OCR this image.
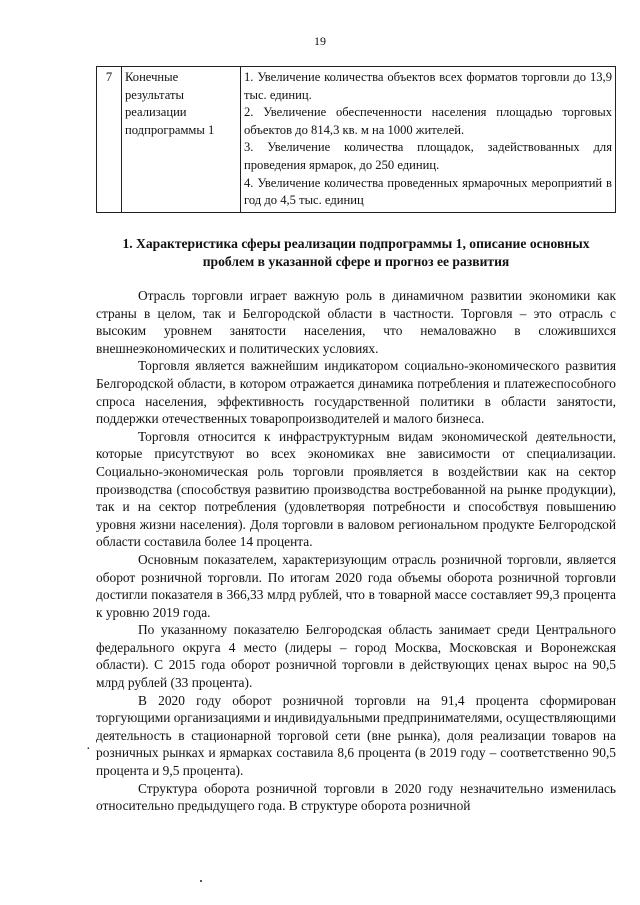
19
7	Конечные результаты реализации подпрограммы 1	
1. Увеличение количества объектов всех форматов торговли до 13,9 тыс. единиц.
2. Увеличение обеспеченности населения площадью торговых объектов до 814,3 кв. м на 1000 жителей.
3. Увеличение количества площадок, задействованных для проведения ярмарок, до 250 единиц.
4. Увеличение количества проведенных ярмарочных мероприятий в год до 4,5 тыс. единиц
1. Характеристика сферы реализации подпрограммы 1, описание основных проблем в указанной сфере и прогноз ее развития

Отрасль торговли играет важную роль в динамичном развитии экономики как страны в целом, так и Белгородской области в частности. Торговля – это отрасль с высоким уровнем занятости населения, что немаловажно в сложившихся внешнеэкономических и политических условиях.

Торговля является важнейшим индикатором социально-экономического развития Белгородской области, в котором отражается динамика потребления и платежеспособного спроса населения, эффективность государственной политики в области занятости, поддержки отечественных товаропроизводителей и малого бизнеса.

Торговля относится к инфраструктурным видам экономической деятельности, которые присутствуют во всех экономиках вне зависимости от специализации. Социально-экономическая роль торговли проявляется в воздействии как на сектор производства (способствуя развитию производства востребованной на рынке продукции), так и на сектор потребления (удовлетворяя потребности и способствуя повышению уровня жизни населения). Доля торговли в валовом региональном продукте Белгородской области составила более 14 процента.

Основным показателем, характеризующим отрасль розничной торговли, является оборот розничной торговли. По итогам 2020 года объемы оборота розничной торговли достигли показателя в 366,33 млрд рублей, что в товарной массе составляет 99,3 процента к уровню 2019 года.

По указанному показателю Белгородская область занимает среди Центрального федерального округа 4 место (лидеры – город Москва, Московская и Воронежская области). С 2015 года оборот розничной торговли в действующих ценах вырос на 90,5 млрд рублей (33 процента).

В 2020 году оборот розничной торговли на 91,4 процента сформирован торгующими организациями и индивидуальными предпринимателями, осуществляющими деятельность в стационарной торговой сети (вне рынка), доля реализации товаров на розничных рынках и ярмарках составила 8,6 процента (в 2019 году – соответственно 90,5 процента и 9,5 процента).

Структура оборота розничной торговли в 2020 году незначительно изменилась относительно предыдущего года. В структуре оборота розничной

·
